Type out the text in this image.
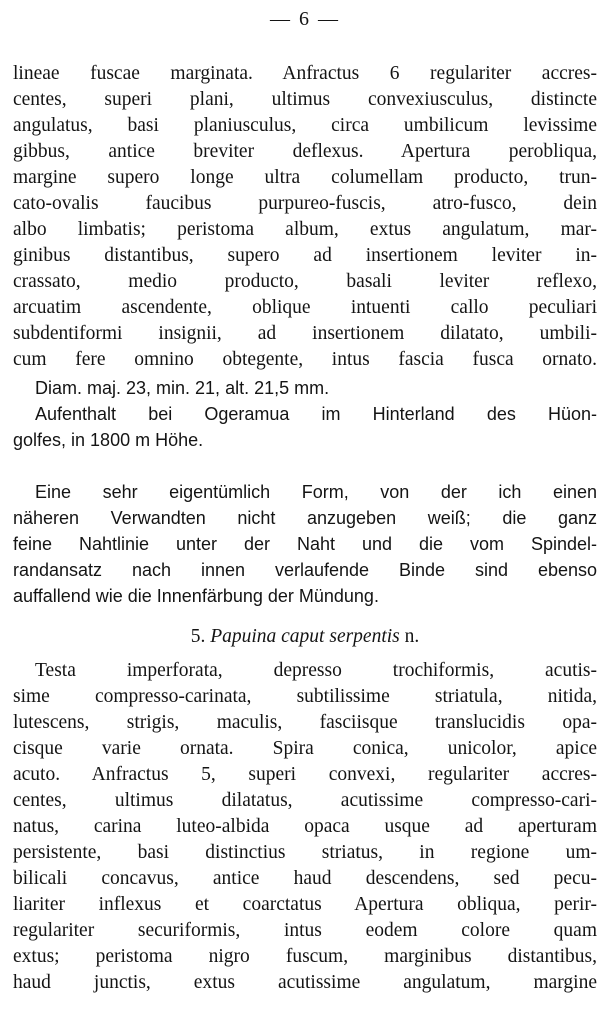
— 6 —
lineae fuscae marginata. Anfractus 6 regulariter accres-
centes, superi plani, ultimus convexiusculus, distincte
angulatus, basi planiusculus, circa umbilicum levissime
gibbus, antice breviter deflexus. Apertura perobliqua,
margine supero longe ultra columellam producto, trun-
cato-ovalis faucibus purpureo-fuscis, atro-fusco, dein
albo limbatis; peristoma album, extus angulatum, mar-
ginibus distantibus, supero ad insertionem leviter in-
crassato, medio producto, basali leviter reflexo,
arcuatim ascendente, oblique intuenti callo peculiari
subdentiformi insignii, ad insertionem dilatato, umbili-
cum fere omnino obtegente, intus fascia fusca ornato.
Diam. maj. 23, min. 21, alt. 21,5 mm.
Aufenthalt bei Ogeramua im Hinterland des Hüon-
golfes, in 1800 m Höhe.
Eine sehr eigentümlich Form, von der ich einen
näheren Verwandten nicht anzugeben weiß; die ganz
feine Nahtlinie unter der Naht und die vom Spindel-
randansatz nach innen verlaufende Binde sind ebenso
auffallend wie die Innenfärbung der Mündung.
5. Papuina caput serpentis n.
Testa imperforata, depresso trochiformis, acutis-
sime compresso-carinata, subtilissime striatula, nitida,
lutescens, strigis, maculis, fasciisque translucidis opa-
cisque varie ornata. Spira conica, unicolor, apice
acuto. Anfractus 5, superi convexi, regulariter accres-
centes, ultimus dilatatus, acutissime compresso-cari-
natus, carina luteo-albida opaca usque ad aperturam
persistente, basi distinctius striatus, in regione um-
bilicali concavus, antice haud descendens, sed pecu-
liariter inflexus et coarctatus Apertura obliqua, perir-
regulariter securiformis, intus eodem colore quam
extus; peristoma nigro fuscum, marginibus distantibus,
haud junctis, extus acutissime angulatum, margine
